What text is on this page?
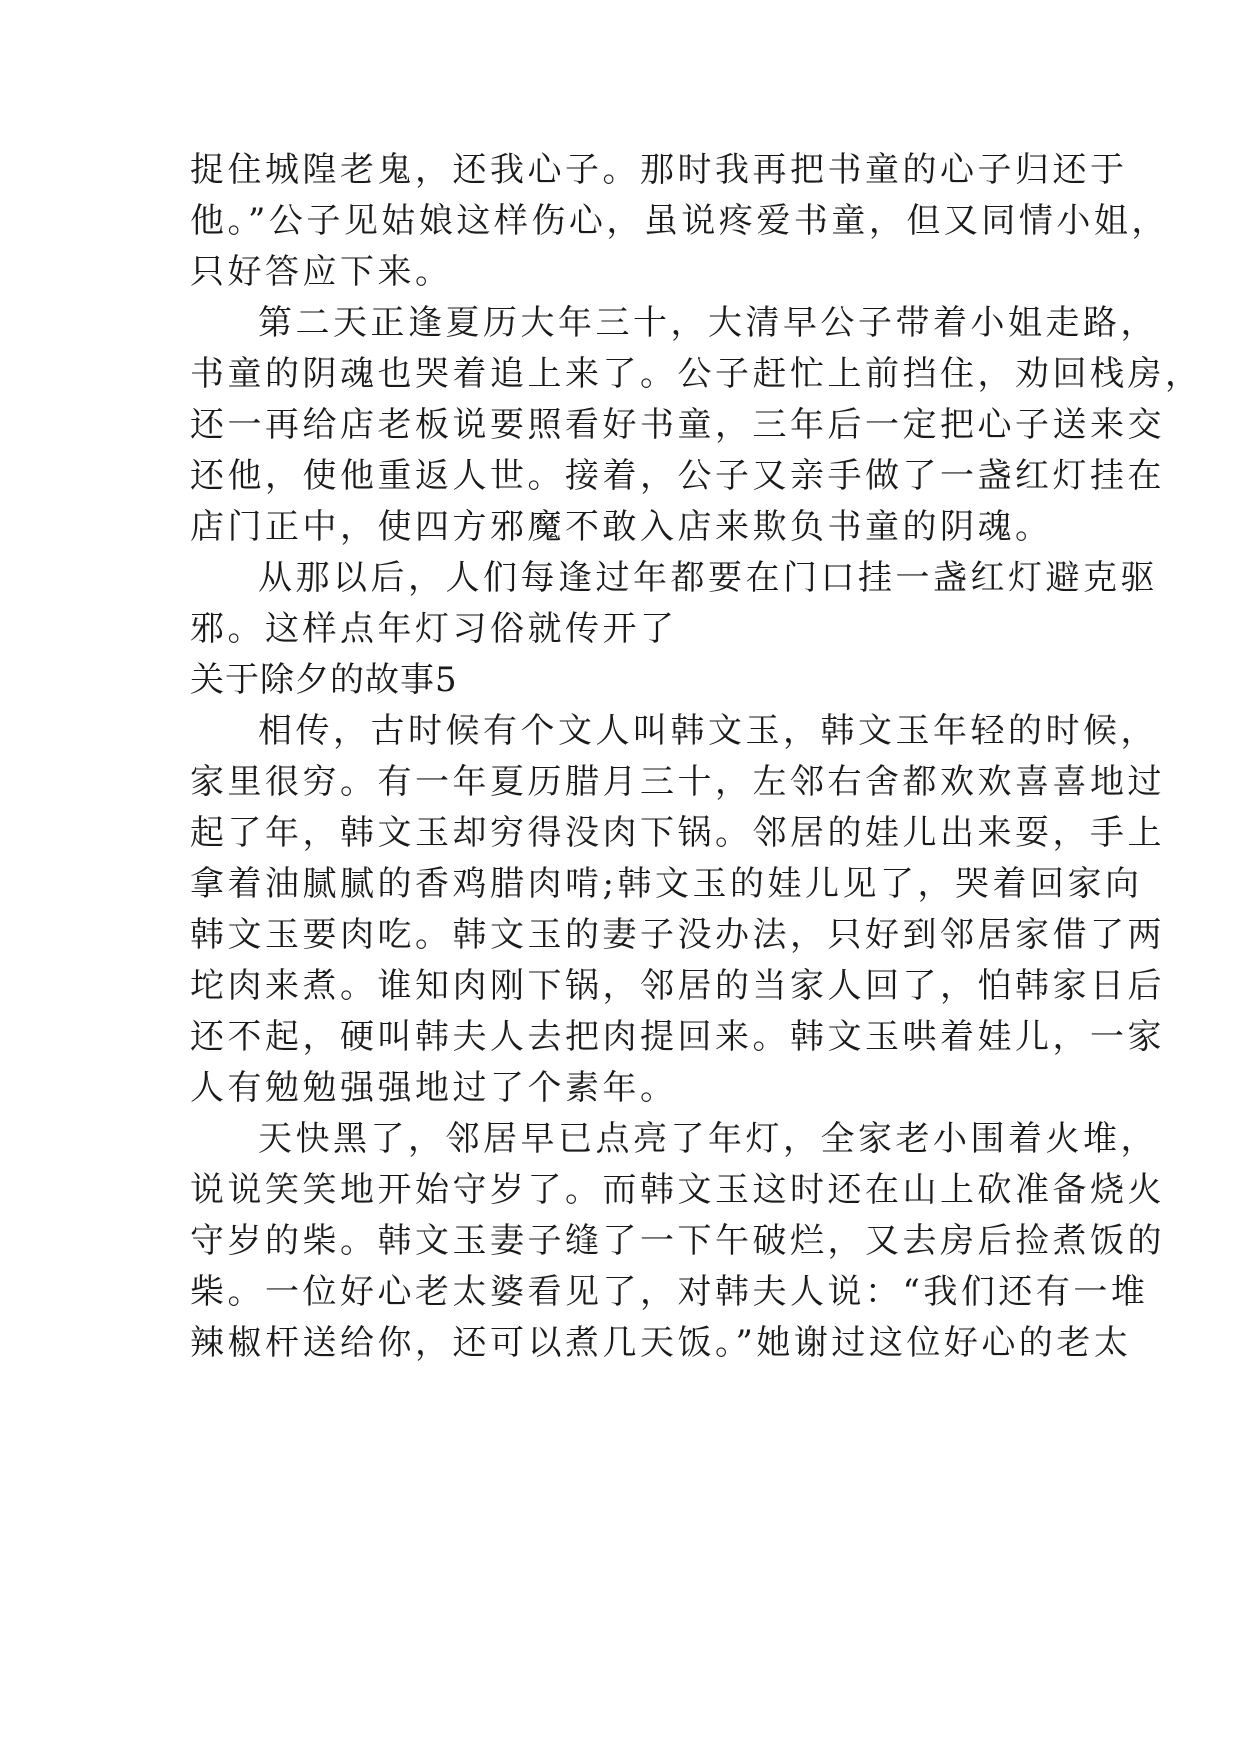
捉住城隍老鬼，还我心子。那时我再把书童的心子归还于
他。”公子见姑娘这样伤心，虽说疼爱书童，但又同情小姐，
只好答应下来。
第二天正逢夏历大年三十，大清早公子带着小姐走路，
书童的阴魂也哭着追上来了。公子赶忙上前挡住，劝回栈房，
还一再给店老板说要照看好书童，三年后一定把心子送来交
还他，使他重返人世。接着，公子又亲手做了一盏红灯挂在
店门正中，使四方邪魔不敢入店来欺负书童的阴魂。
从那以后，人们每逢过年都要在门口挂一盏红灯避克驱
邪。这样点年灯习俗就传开了
关于除夕的故事5
相传，古时候有个文人叫韩文玉，韩文玉年轻的时候，
家里很穷。有一年夏历腊月三十，左邻右舍都欢欢喜喜地过
起了年，韩文玉却穷得没肉下锅。邻居的娃儿出来耍，手上
拿着油腻腻的香鸡腊肉啃;韩文玉的娃儿见了，哭着回家向
韩文玉要肉吃。韩文玉的妻子没办法，只好到邻居家借了两
坨肉来煮。谁知肉刚下锅，邻居的当家人回了，怕韩家日后
还不起，硬叫韩夫人去把肉提回来。韩文玉哄着娃儿，一家
人有勉勉强强地过了个素年。
天快黑了，邻居早已点亮了年灯，全家老小围着火堆，
说说笑笑地开始守岁了。而韩文玉这时还在山上砍准备烧火
守岁的柴。韩文玉妻子缝了一下午破烂，又去房后捡煮饭的
柴。一位好心老太婆看见了，对韩夫人说：“我们还有一堆
辣椒杆送给你，还可以煮几天饭。”她谢过这位好心的老太
